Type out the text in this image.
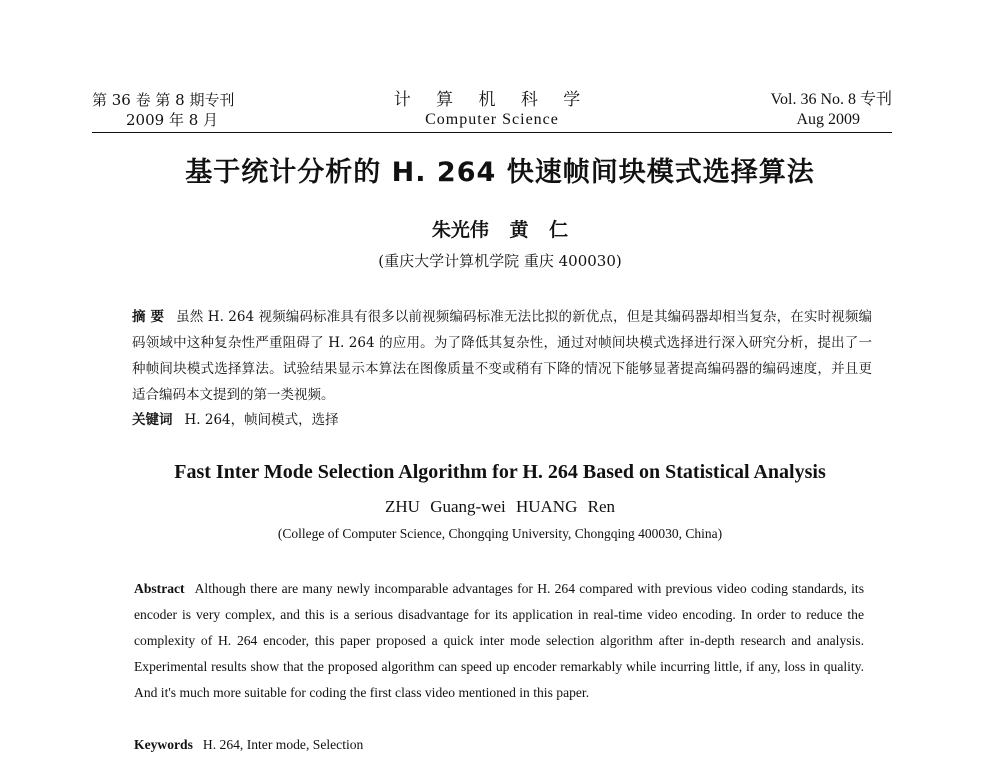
第 36 卷 第 8 期专刊
2009 年 8 月
计 算 机 科 学
Computer Science
Vol. 36 No. 8 专刊
Aug 2009
基于统计分析的 H. 264 快速帧间块模式选择算法
朱光伟 黄 仁
(重庆大学计算机学院 重庆 400030)
摘 要 虽然 H. 264 视频编码标准具有很多以前视频编码标准无法比拟的新优点，但是其编码器却相当复杂，在实时视频编码领域中这种复杂性严重阻碍了 H. 264 的应用。为了降低其复杂性，通过对帧间块模式选择进行深入研究分析，提出了一种帧间块模式选择算法。试验结果显示本算法在图像质量不变或稍有下降的情况下能够显著提高编码器的编码速度，并且更适合编码本文提到的第一类视频。
关键词 H. 264，帧间模式，选择
Fast Inter Mode Selection Algorithm for H. 264 Based on Statistical Analysis
ZHU Guang-wei HUANG Ren
(College of Computer Science, Chongqing University, Chongqing 400030, China)
Abstract Although there are many newly incomparable advantages for H. 264 compared with previous video coding standards, its encoder is very complex, and this is a serious disadvantage for its application in real-time video encoding. In order to reduce the complexity of H. 264 encoder, this paper proposed a quick inter mode selection algorithm after in-depth research and analysis. Experimental results show that the proposed algorithm can speed up encoder remarkably while incurring little, if any, loss in quality. And it's much more suitable for coding the first class video mentioned in this paper.
Keywords H. 264, Inter mode, Selection
